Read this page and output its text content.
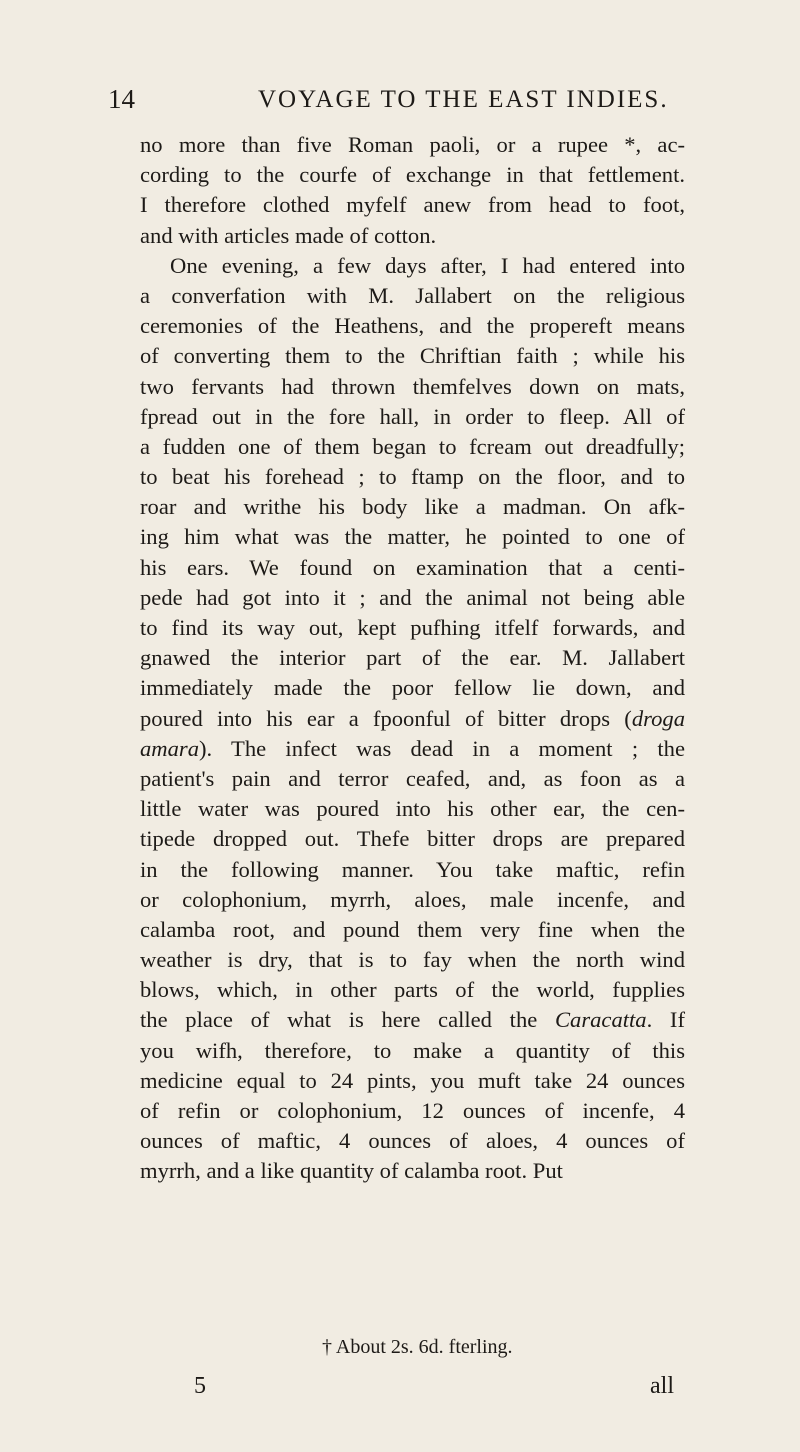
14	VOYAGE TO THE EAST INDIES.
no more than five Roman paoli, or a rupee *, ac-
cording to the courfe of exchange in that fettlement.
I therefore clothed myfelf anew from head to foot,
and with articles made of cotton.
One evening, a few days after, I had entered into
a converfation with M. Jallabert on the religious
ceremonies of the Heathens, and the propereft means
of converting them to the Chriftian faith ; while his
two fervants had thrown themfelves down on mats,
fpread out in the fore hall, in order to fleep. All of
a fudden one of them began to fcream out dreadfully;
to beat his forehead ; to ftamp on the floor, and to
roar and writhe his body like a madman. On afk-
ing him what was the matter, he pointed to one of
his ears. We found on examination that a centi-
pede had got into it ; and the animal not being able
to find its way out, kept pufhing itfelf forwards, and
gnawed the interior part of the ear. M. Jallabert
immediately made the poor fellow lie down, and
poured into his ear a fpoonful of bitter drops (droga
amara). The infect was dead in a moment ; the
patient's pain and terror ceafed, and, as foon as a
little water was poured into his other ear, the cen-
tipede dropped out. Thefe bitter drops are prepared
in the following manner. You take maftic, refin
or colophonium, myrrh, aloes, male incenfe, and
calamba root, and pound them very fine when the
weather is dry, that is to fay when the north wind
blows, which, in other parts of the world, fupplies
the place of what is here called the Caracatta. If
you wifh, therefore, to make a quantity of this
medicine equal to 24 pints, you muft take 24 ounces
of refin or colophonium, 12 ounces of incenfe, 4
ounces of maftic, 4 ounces of aloes, 4 ounces of
myrrh, and a like quantity of calamba root. Put
† About 2s. 6d. fterling.
5	all
